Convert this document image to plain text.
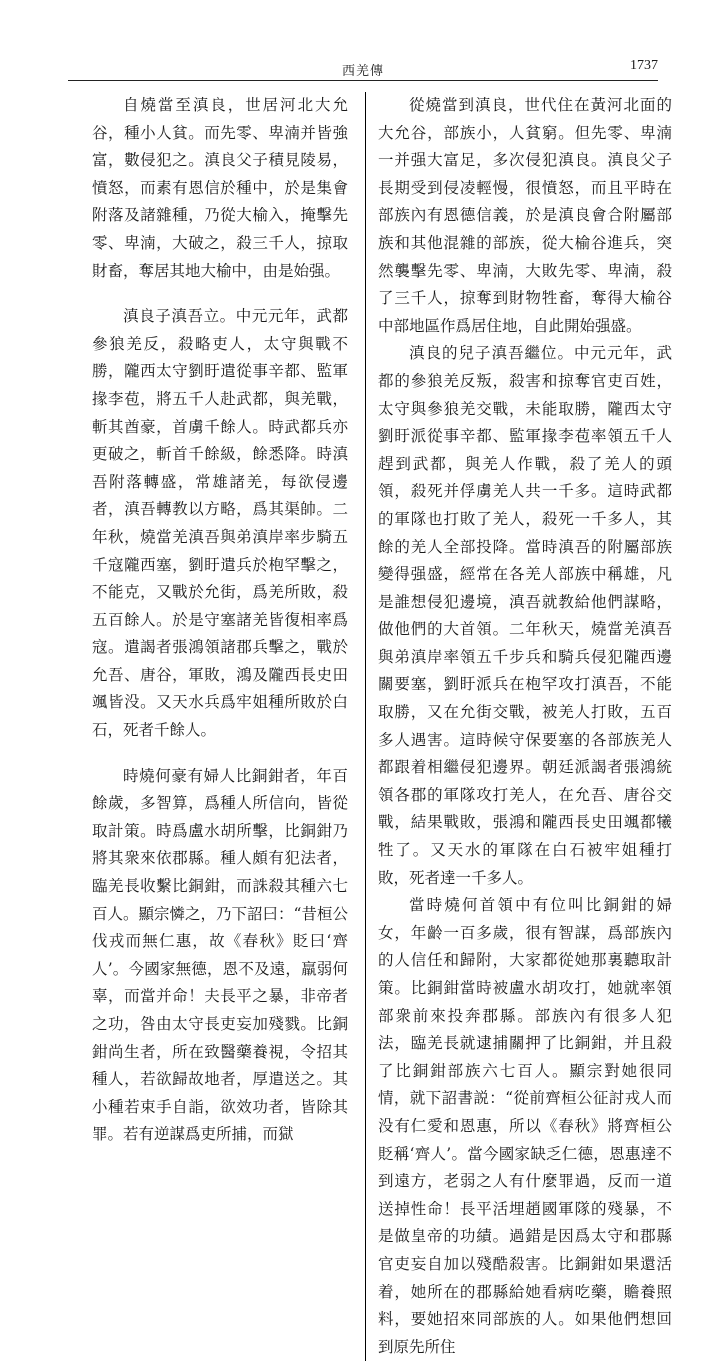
西羌傳	1737

自燒當至滇良，世居河北大允谷，種小人貧。而先零、卑湳并皆強富，數侵犯之。滇良父子積見陵易，憤怒，而素有恩信於種中，於是集會附落及諸雜種，乃從大榆入，掩擊先零、卑湳，大破之，殺三千人，掠取財畜，奪居其地大榆中，由是始强。

滇良子滇吾立。中元元年，武都參狼羌反，殺略吏人，太守與戰不勝，隴西太守劉盱遣從事辛都、監軍掾李苞，將五千人赴武都，與羌戰，斬其酋豪，首虜千餘人。時武都兵亦更破之，斬首千餘級，餘悉降。時滇吾附落轉盛，常雄諸羌，每欲侵邊者，滇吾轉教以方略，爲其渠帥。二年秋，燒當羌滇吾與弟滇岸率步騎五千寇隴西塞，劉盱遣兵於枹罕擊之，不能克，又戰於允街，爲羌所敗，殺五百餘人。於是守塞諸羌皆復相率爲寇。遣謁者張鴻領諸郡兵擊之，戰於允吾、唐谷，軍敗，鴻及隴西長史田颯皆没。又天水兵爲牢姐種所敗於白石，死者千餘人。

時燒何豪有婦人比銅鉗者，年百餘歲，多智算，爲種人所信向，皆從取計策。時爲盧水胡所擊，比銅鉗乃將其衆來依郡縣。種人頗有犯法者，臨羌長收繫比銅鉗，而誅殺其種六七百人。顯宗憐之，乃下詔曰：“昔桓公伐戎而無仁惠，故《春秋》貶曰‘齊人’。今國家無德，恩不及遠，羸弱何辜，而當并命！夫長平之暴，非帝者之功，咎由太守長吏妄加殘戮。比銅鉗尚生者，所在致醫藥養視，令招其種人，若欲歸故地者，厚遣送之。其小種若束手自詣，欲效功者，皆除其罪。若有逆謀爲吏所捕，而獄

從燒當到滇良，世代住在黃河北面的大允谷，部族小，人貧窮。但先零、卑湳一并强大富足，多次侵犯滇良。滇良父子長期受到侵凌輕慢，很憤怒，而且平時在部族內有恩德信義，於是滇良會合附屬部族和其他混雜的部族，從大榆谷進兵，突然襲擊先零、卑湳，大敗先零、卑湳，殺了三千人，掠奪到財物牲畜，奪得大榆谷中部地區作爲居住地，自此開始强盛。

滇良的兒子滇吾繼位。中元元年，武都的參狼羌反叛，殺害和掠奪官吏百姓，太守與參狼羌交戰，未能取勝，隴西太守劉盱派從事辛都、監軍掾李苞率領五千人趕到武都，與羌人作戰，殺了羌人的頭領，殺死并俘虜羌人共一千多。這時武都的軍隊也打敗了羌人，殺死一千多人，其餘的羌人全部投降。當時滇吾的附屬部族變得强盛，經常在各羌人部族中稱雄，凡是誰想侵犯邊境，滇吾就教給他們謀略，做他們的大首領。二年秋天，燒當羌滇吾與弟滇岸率領五千步兵和騎兵侵犯隴西邊關要塞，劉盱派兵在枹罕攻打滇吾，不能取勝，又在允街交戰，被羌人打敗，五百多人遇害。這時候守保要塞的各部族羌人都跟着相繼侵犯邊界。朝廷派謁者張鴻統領各郡的軍隊攻打羌人，在允吾、唐谷交戰，結果戰敗，張鴻和隴西長史田颯都犧牲了。又天水的軍隊在白石被牢姐種打敗，死者達一千多人。

當時燒何首領中有位叫比銅鉗的婦女，年齡一百多歲，很有智謀，爲部族內的人信任和歸附，大家都從她那裏聽取計策。比銅鉗當時被盧水胡攻打，她就率領部衆前來投奔郡縣。部族內有很多人犯法，臨羌長就逮捕關押了比銅鉗，并且殺了比銅鉗部族六七百人。顯宗對她很同情，就下詔書説：“從前齊桓公征討戎人而没有仁愛和恩惠，所以《春秋》將齊桓公貶稱‘齊人’。當今國家缺乏仁德，恩惠達不到遠方，老弱之人有什麼罪過，反而一道送掉性命！長平活埋趙國軍隊的殘暴，不是做皇帝的功績。過錯是因爲太守和郡縣官吏妄自加以殘酷殺害。比銅鉗如果還活着，她所在的郡縣給她看病吃藥，贍養照料，要她招來同部族的人。如果他們想回到原先所住
